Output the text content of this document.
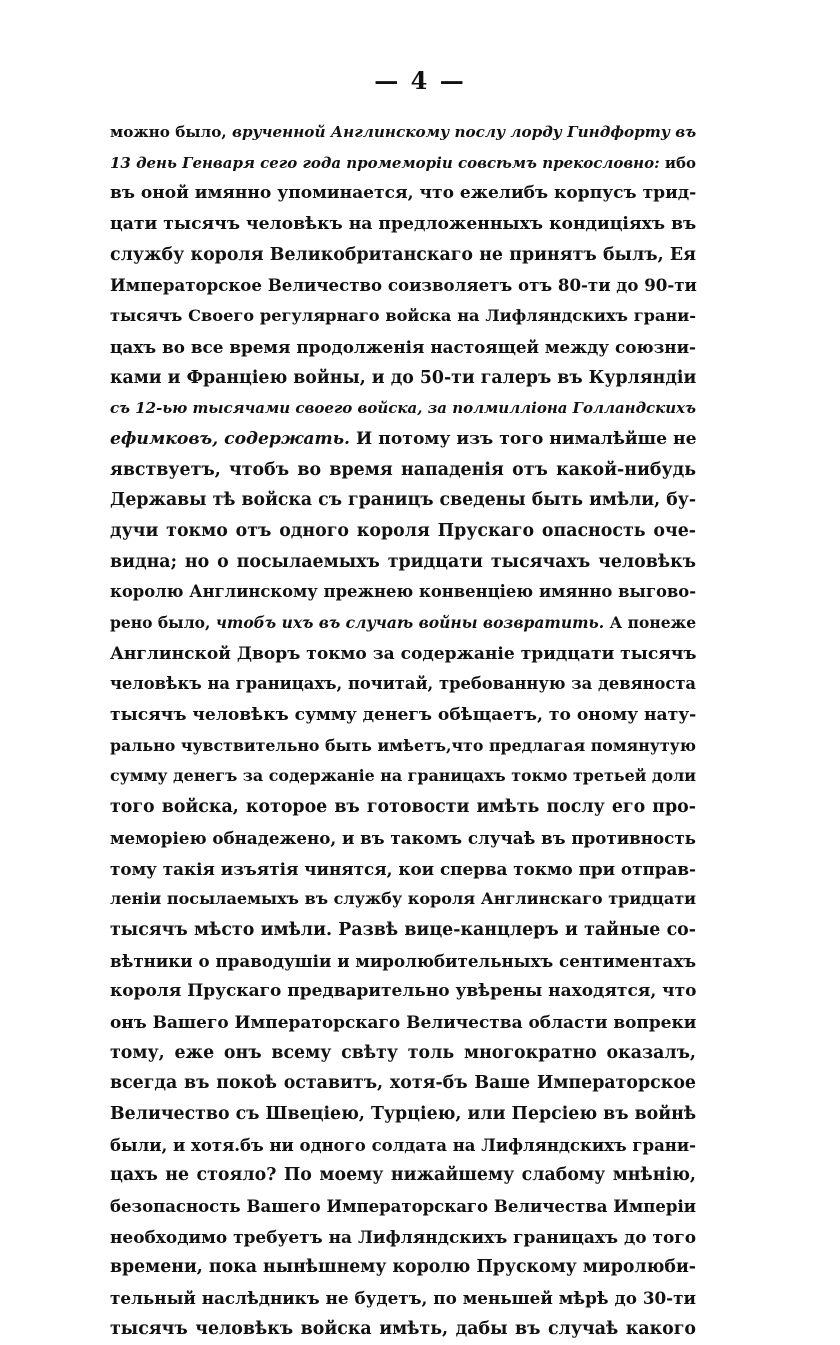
— 4 —
можно было, врученной Англинскому послу лорду Гиндфорту въ
13 день Генваря сего года промеморіи совсѣмъ прекословно: ибо
въ оной имянно упоминается, что ежелибъ корпусъ трид-
цати тысячъ человѣкъ на предложенныхъ кондиціяхъ въ
службу короля Великобританскаго не принятъ былъ, Ея
Императорское Величество соизволяетъ отъ 80-ти до 90-ти
тысячъ Своего регулярнаго войска на Лифляндскихъ грани-
цахъ во все время продолженія настоящей между союзни-
ками и Франціею войны, и до 50-ти галеръ въ Курляндіи
съ 12-ью тысячами своего войска, за полмилліона Голландскихъ
ефимковъ, содержать. И потому изъ того нималѣйше не
явствуетъ, чтобъ во время нападенія отъ какой-нибудь
Державы тѣ войска съ границъ сведены быть имѣли, бу-
дучи токмо отъ одного короля Прускаго опасность оче-
видна; но о посылаемыхъ тридцати тысячахъ человѣкъ
королю Англинскому прежнею конвенціею имянно выгово-
рено было, чтобъ ихъ въ случаѣ войны возвратить. А понеже
Англинской Дворъ токмо за содержаніе тридцати тысячъ
человѣкъ на границахъ, почитай, требованную за девяноста
тысячъ человѣкъ сумму денегъ обѣщаетъ, то оному нату-
рально чувствительно быть имѣетъ,что предлагая помянутую
сумму денегъ за содержаніе на границахъ токмо третьей доли
того войска, которое въ готовости имѣть послу его про-
меморіею обнадежено, и въ такомъ случаѣ въ противность
тому такія изъятія чинятся, кои сперва токмо при отправ-
леніи посылаемыхъ въ службу короля Англинскаго тридцати
тысячъ мѣсто имѣли. Развѣ вице-канцлеръ и тайные со-
вѣтники о праводушіи и миролюбительныхъ сентиментахъ
короля Прускаго предварительно увѣрены находятся, что
онъ Вашего Императорскаго Величества области вопреки
тому, еже онъ всему свѣту толь многократно оказалъ,
всегда въ покоѣ оставитъ, хотя-бъ Ваше Императорское
Величество съ Швеціею, Турціею, или Персіею въ войнѣ
были, и хотя.бъ ни одного солдата на Лифляндскихъ грани-
цахъ не стояло? По моему нижайшему слабому мнѣнію,
безопасность Вашего Императорскаго Величества Имперіи
необходимо требуетъ на Лифляндскихъ границахъ до того
времени, пока нынѣшнему королю Прускому миролюби-
тельный наслѣдникъ не будетъ, по меньшей мѣрѣ до 30-ти
тысячъ человѣкъ войска имѣть, дабы въ случаѣ какого
